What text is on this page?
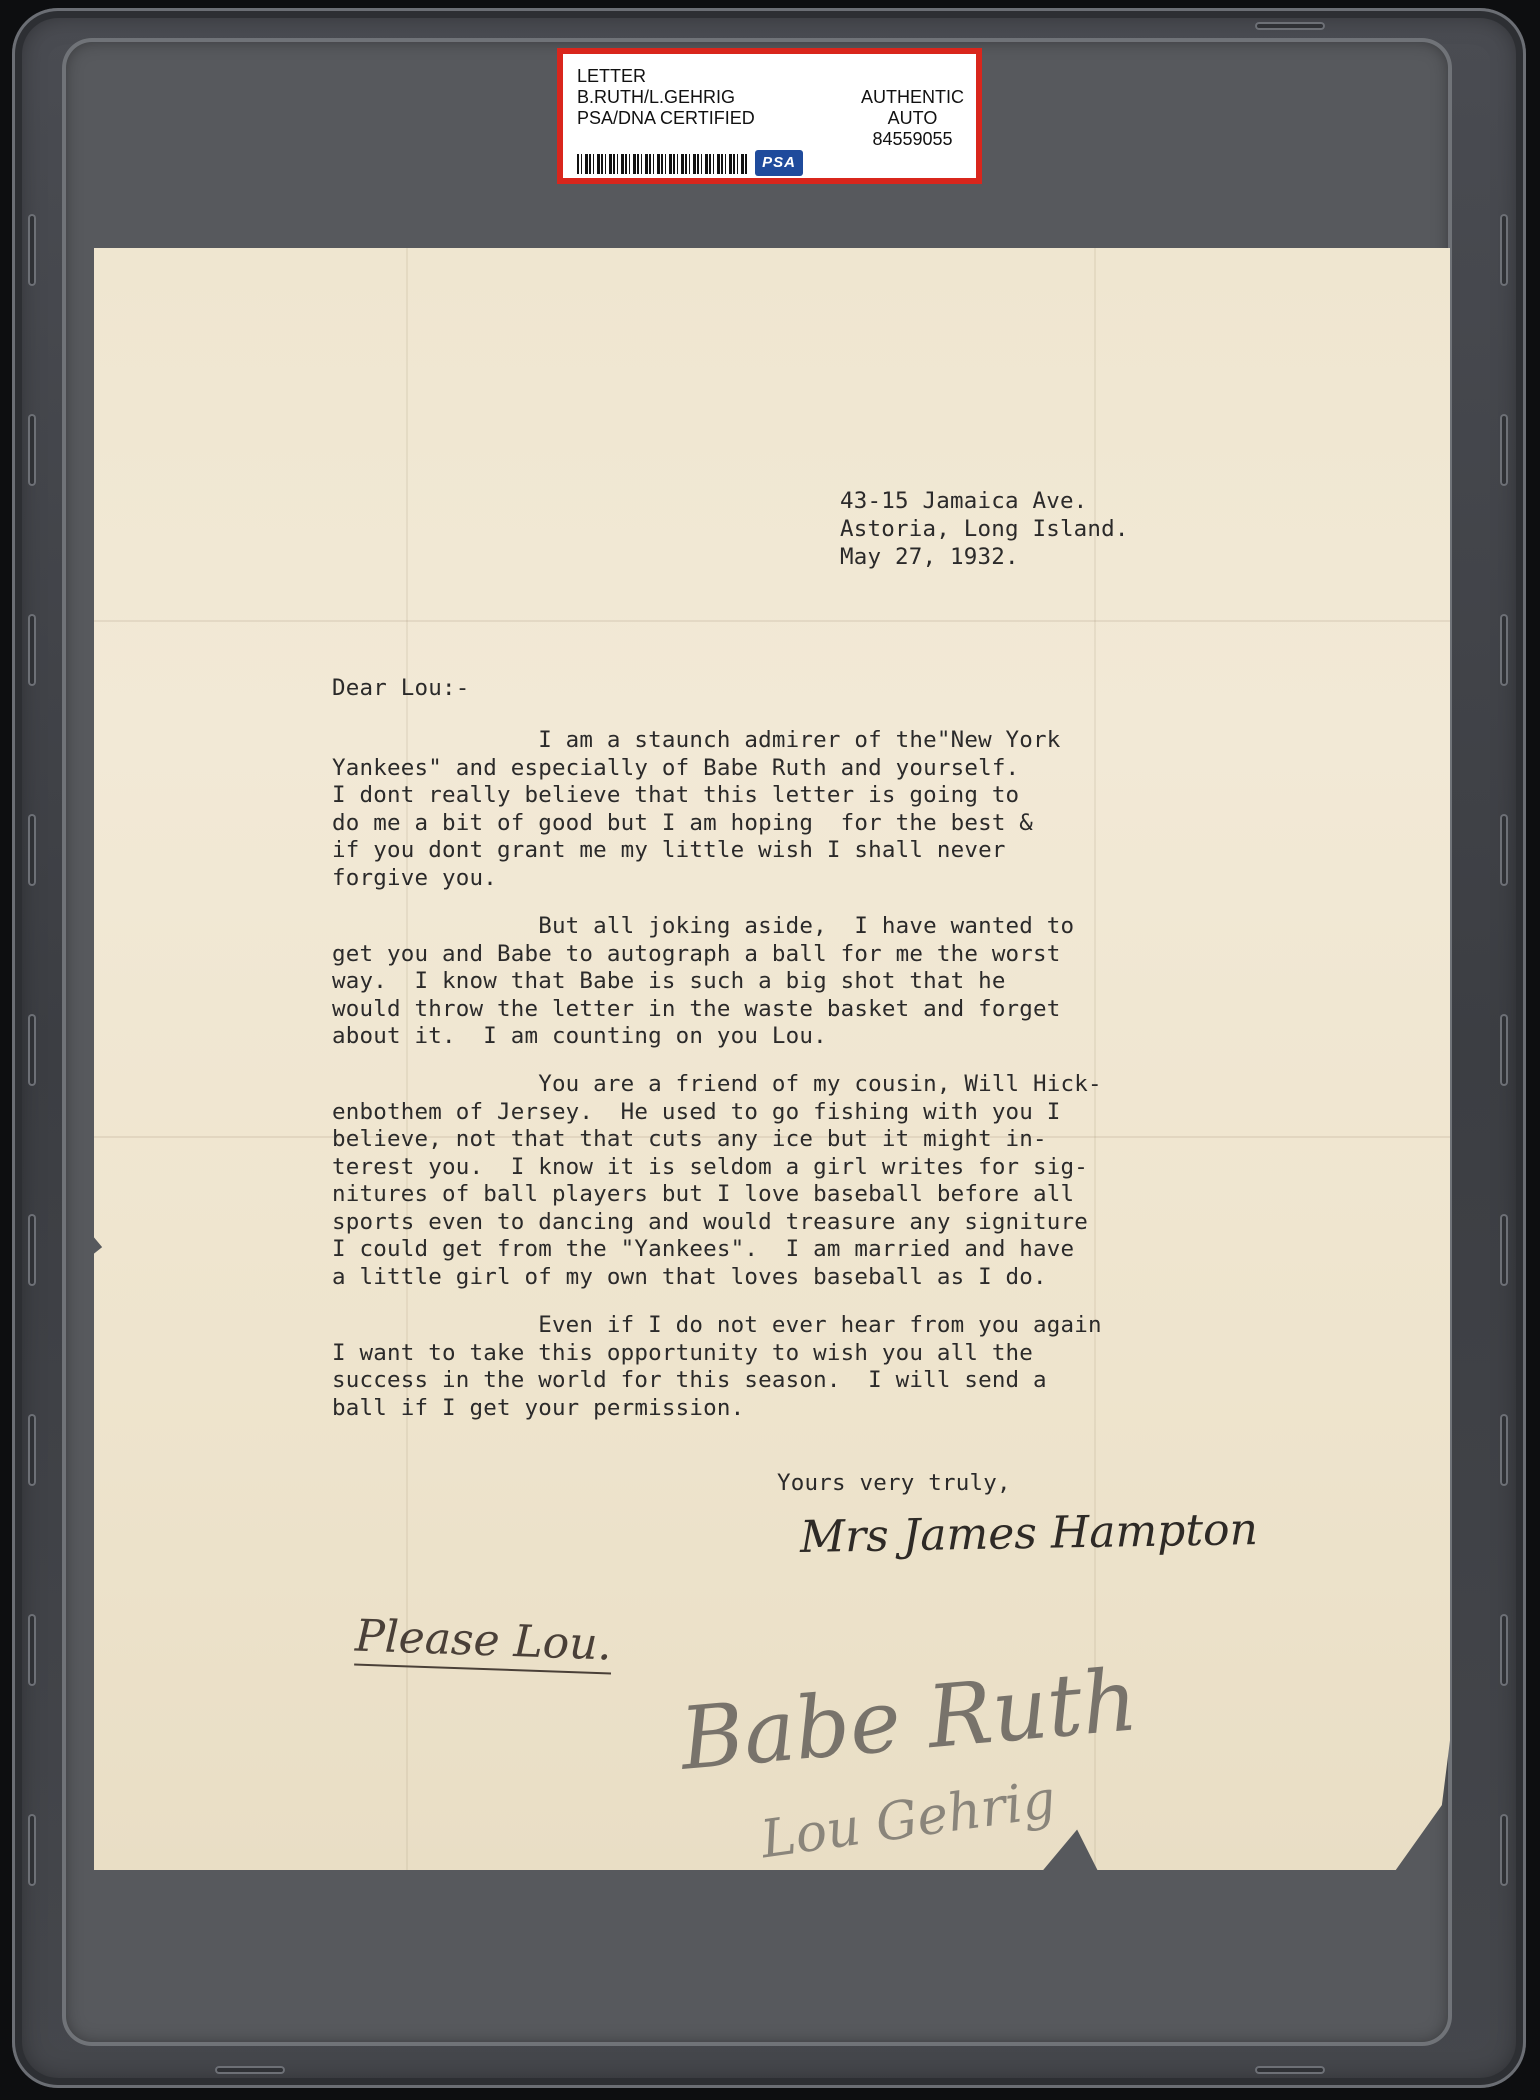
LETTER
B.RUTH/L.GEHRIG
PSA/DNA CERTIFIED
AUTHENTIC
AUTO
84559055
PSA
43-15 Jamaica Ave.
Astoria, Long Island.
May 27, 1932.
Dear Lou:-
I am a staunch admirer of the"New York
Yankees" and especially of Babe Ruth and yourself.
I dont really believe that this letter is going to
do me a bit of good but I am hoping  for the best &
if you dont grant me my little wish I shall never
forgive you.
But all joking aside,  I have wanted to
get you and Babe to autograph a ball for me the worst
way.  I know that Babe is such a big shot that he
would throw the letter in the waste basket and forget
about it.  I am counting on you Lou.
You are a friend of my cousin, Will Hick-
enbothem of Jersey.  He used to go fishing with you I
believe, not that that cuts any ice but it might in-
terest you.  I know it is seldom a girl writes for sig-
nitures of ball players but I love baseball before all
sports even to dancing and would treasure any signiture
I could get from the "Yankees".  I am married and have
a little girl of my own that loves baseball as I do.
Even if I do not ever hear from you again
I want to take this opportunity to wish you all the
success in the world for this season.  I will send a
ball if I get your permission.
Yours very truly,
Mrs James Hampton
Please Lou.
Babe Ruth
Lou Gehrig
